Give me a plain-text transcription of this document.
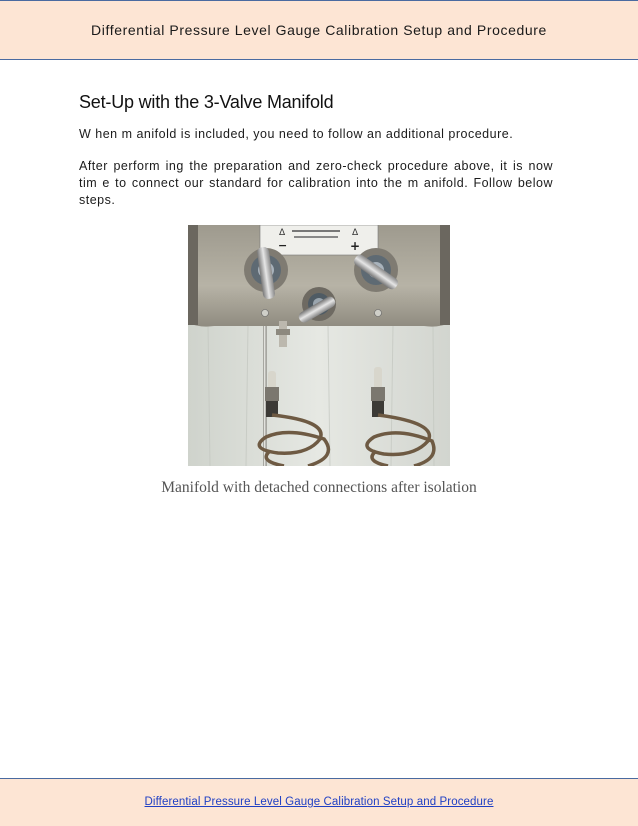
Differential Pressure Level Gauge Calibration Setup and Procedure
Set-Up with the 3-Valve Manifold

W hen m anifold is included, you need to follow an additional procedure.

After perform ing the preparation and zero-check procedure above, it is now tim e to connect our standard for calibration into the m anifold. Follow below steps.

Δ	Δ
−	+
Manifold with detached connections after isolation
Differential Pressure Level Gauge Calibration Setup and Procedure
